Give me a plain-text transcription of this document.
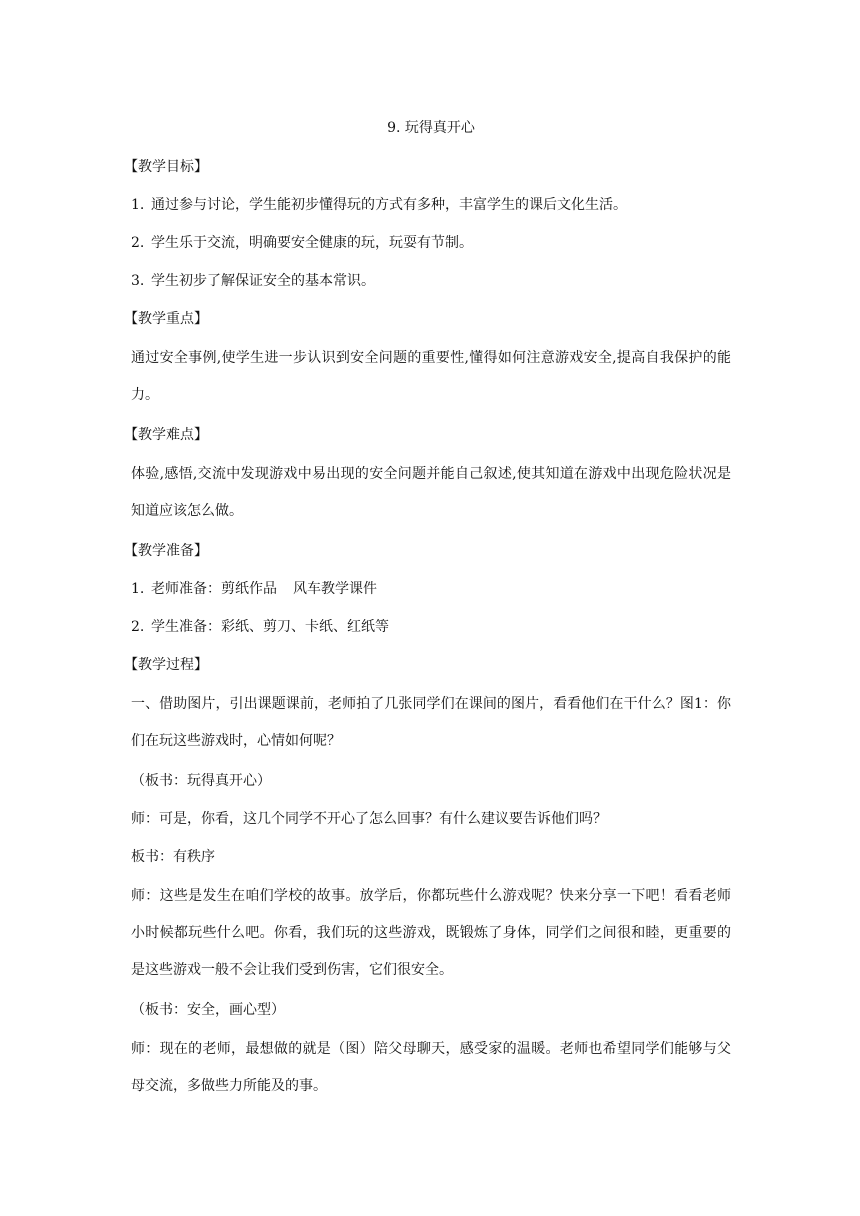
9. 玩得真开心
【教学目标】
1. 通过参与讨论，学生能初步懂得玩的方式有多种，丰富学生的课后文化生活。
2. 学生乐于交流，明确要安全健康的玩，玩耍有节制。
3. 学生初步了解保证安全的基本常识。
【教学重点】
通过安全事例,使学生进一步认识到安全问题的重要性,懂得如何注意游戏安全,提高自我保护的能力。
【教学难点】
体验,感悟,交流中发现游戏中易出现的安全问题并能自己叙述,使其知道在游戏中出现危险状况是知道应该怎么做。
【教学准备】
1. 老师准备：剪纸作品 风车教学课件
2. 学生准备：彩纸、剪刀、卡纸、红纸等
【教学过程】
一、借助图片，引出课题课前，老师拍了几张同学们在课间的图片，看看他们在干什么？图1：你们在玩这些游戏时，心情如何呢？
（板书：玩得真开心）
师：可是，你看，这几个同学不开心了怎么回事？有什么建议要告诉他们吗？
板书：有秩序
师：这些是发生在咱们学校的故事。放学后，你都玩些什么游戏呢？快来分享一下吧！看看老师小时候都玩些什么吧。你看，我们玩的这些游戏，既锻炼了身体，同学们之间很和睦，更重要的是这些游戏一般不会让我们受到伤害，它们很安全。
（板书：安全，画心型）
师：现在的老师，最想做的就是（图）陪父母聊天，感受家的温暖。老师也希望同学们能够与父母交流，多做些力所能及的事。
